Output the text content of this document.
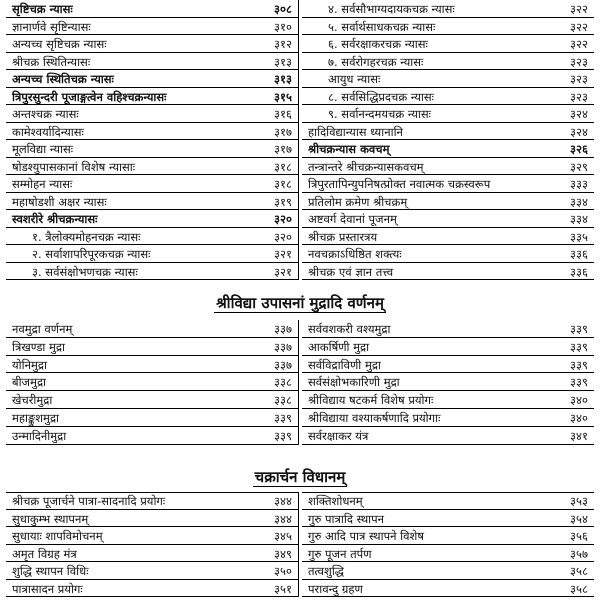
सृष्टिचक्र न्यासः	३०८
ज्ञानार्णवे सृष्टिन्यासः	३१०
अन्यच्च सृष्टिचक्र न्यासः	३१२
श्रीचक्र स्थितिन्यासः	३१३
अन्यच्च स्थितिचक्र न्यासः	३१३
त्रिपुरसुन्दरी पूजाङ्गत्वेन वहिश्चक्रन्यासः	३१५
अन्तश्चक्र न्यासः	३१६
कामेश्वर्यादिन्यासः	३१७
मूलविद्या न्यासः	३१७
षोडश्युपासकानां विशेष न्यासाः	३१८
सम्मोहन न्यासः	३१८
महाषोडशी अक्षर न्यासः	३१९
स्वशरीरे श्रीचक्रन्यासः	३२०
१. त्रैलोक्यमोहनचक्र न्यासः	३२०
२. सर्वाशापरिपूरकचक्र न्यासः	३२१
३. सर्वसंक्षोभणचक्र न्यासः	३२१
४. सर्वसौभाग्यदायकचक्र न्यासः	३२२
५. सर्वार्थसाधकचक्र न्यासः	३२२
६. सर्वरक्षाकरचक्र न्यासः	३२२
७. सर्वरोगहरचक्र न्यासः	३२३
आयुध न्यासः	३२३
८. सर्वसिद्धिप्रदचक्र न्यासः	३२३
९. सर्वानन्दमयचक्र न्यासः	३२४
हादिविद्यान्यास ध्यानानि	३२४
श्रीचक्रन्यास कवचम्	३२६
तन्त्रान्तरे श्रीचक्रन्यासकवचम्	३२९
त्रिपुरतापिन्युपनिषत्प्रोक्त नवात्मक चक्रस्वरूप	३३३
प्रतिलोम क्रमेण श्रीचक्रम्	३३४
अष्टवर्ग देवानां पूजनम्	३३४
श्रीचक्र प्रस्तारत्रय	३३५
नवचक्राऽधिष्ठित शक्त्यः	३३६
श्रीचक्र एवं ज्ञान तत्त्व	३३६
श्रीविद्या उपासनां मुद्रादि वर्णनम्
नवमुद्रा वर्णनम्	३३७
त्रिखण्डा मुद्रा	३३७
योनिमुद्रा	३३७
बीजमुद्रा	३३८
खेचरीमुद्रा	३३८
महाङ्कुशमुद्रा	३३९
उन्मादिनीमुद्रा	३३९
सर्ववशकरी वश्यमुद्रा	३३९
आकर्षिणी मुद्रा	३३९
सर्वविद्राविणी मुद्रा	३३९
सर्वसंक्षोभकारिणी मुद्रा	३३९
श्रीविद्याय षटकर्म विशेष प्रयोगः	३४०
श्रीविद्याया वश्याकर्षणादि प्रयोगाः	३४०
सर्वरक्षाकर यंत्र	३४१
चक्रार्चन विधानम्
श्रीचक्र पूजार्चने पात्रा-सादनादि प्रयोगः	३४४
सुधाकुम्भ स्थापनम्	३४४
सुधायाः शापविमोचनम्	३४५
अमृत विग्रह मंत्र	३४९
शुद्धि स्थापन विधिः	३५०
पात्रासादन प्रयोगः	३५१
शक्तिशोधनम्	३५३
गुरु पात्रादि स्थापन	३५४
गुरु आदि पात्र स्थापने विशेष	३५६
गुरु पूजन तर्पण	३५७
तत्वशुद्धि	३५८
परावन्दु ग्रहण	३५८
